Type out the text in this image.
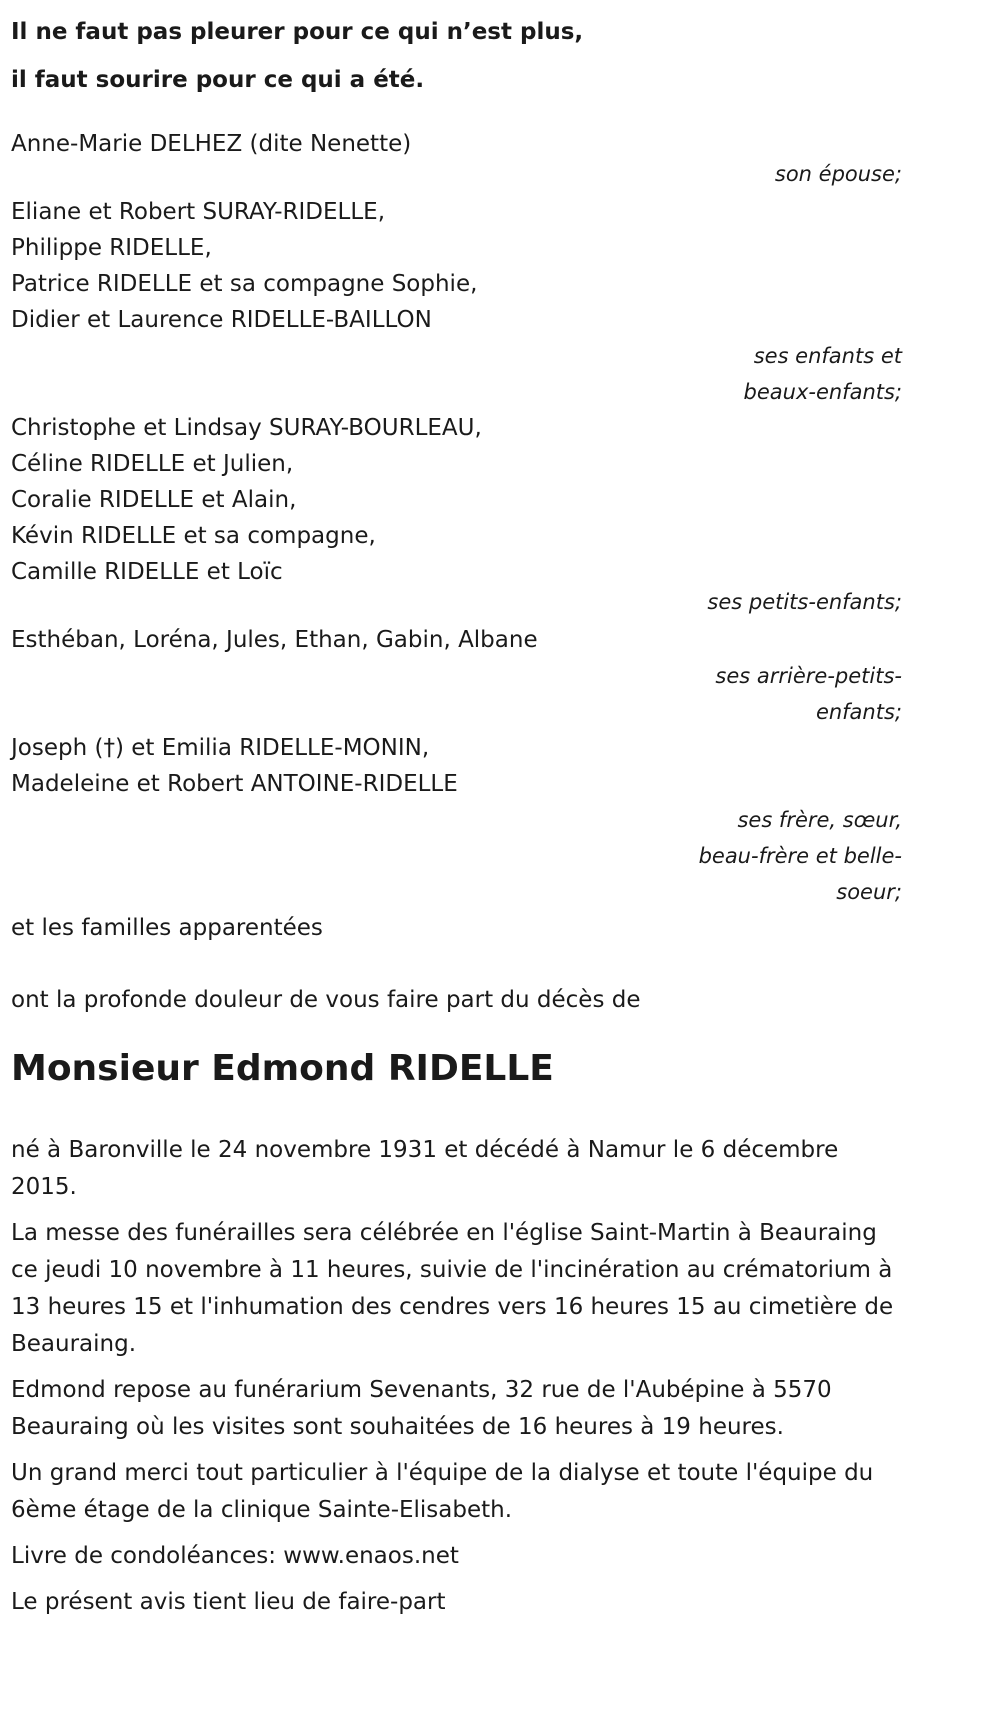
Il ne faut pas pleurer pour ce qui n’est plus,
il faut sourire pour ce qui a été.
Anne-Marie DELHEZ (dite Nenette)
son épouse;
Eliane et Robert SURAY-RIDELLE,
Philippe RIDELLE,
Patrice RIDELLE et sa compagne Sophie,
Didier et Laurence RIDELLE-BAILLON
ses enfants et
beaux-enfants;
Christophe et Lindsay SURAY-BOURLEAU,
Céline RIDELLE et Julien,
Coralie RIDELLE et Alain,
Kévin RIDELLE et sa compagne,
Camille RIDELLE et Loïc
ses petits-enfants;
Esthéban, Loréna, Jules, Ethan, Gabin, Albane
ses arrière-petits-
enfants;
Joseph (†) et Emilia RIDELLE-MONIN,
Madeleine et Robert ANTOINE-RIDELLE
ses frère, sœur,
beau-frère et belle-
soeur;
et les familles apparentées
ont la profonde douleur de vous faire part du décès de
Monsieur Edmond RIDELLE

né à Baronville le 24 novembre 1931 et décédé à Namur le 6 décembre 2015.

La messe des funérailles sera célébrée en l'église Saint-Martin à Beauraing ce jeudi 10 novembre à 11 heures, suivie de l'incinération au crématorium à 13 heures 15 et l'inhumation des cendres vers 16 heures 15 au cimetière de Beauraing.

Edmond repose au funérarium Sevenants, 32 rue de l'Aubépine à 5570 Beauraing où les visites sont souhaitées de 16 heures à 19 heures.

Un grand merci tout particulier à l'équipe de la dialyse et toute l'équipe du 6ème étage de la clinique Sainte-Elisabeth.

Livre de condoléances: www.enaos.net

Le présent avis tient lieu de faire-part
